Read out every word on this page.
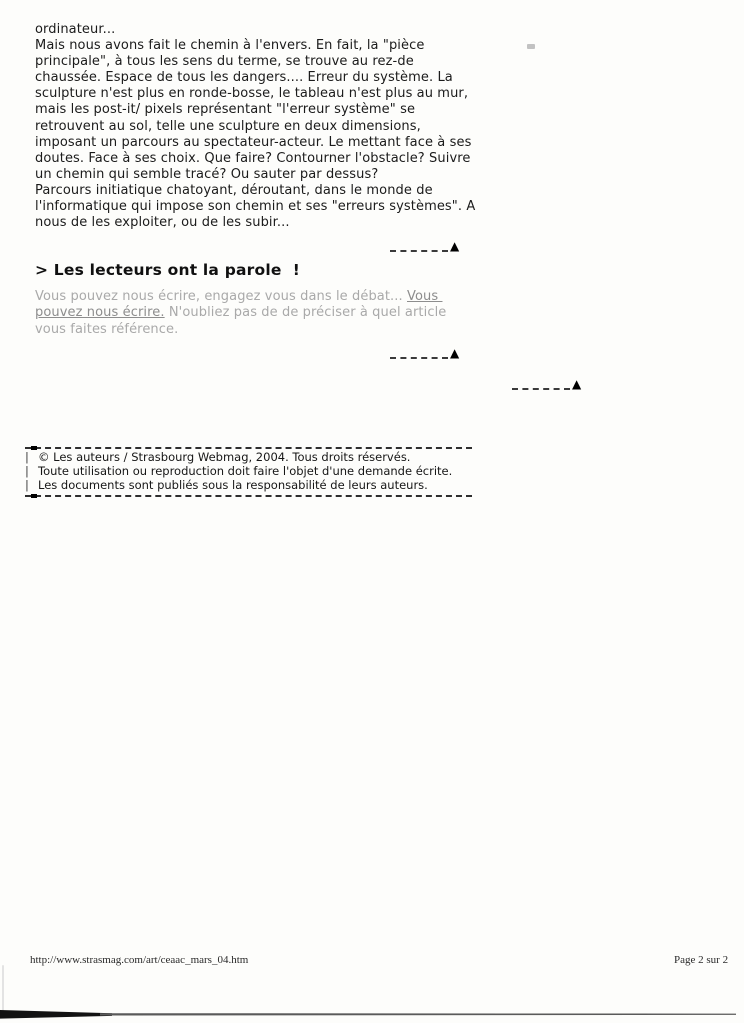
ordinateur...
Mais nous avons fait le chemin à l'envers. En fait, la "pièce
principale", à tous les sens du terme, se trouve au rez-de
chaussée. Espace de tous les dangers.... Erreur du système. La
sculpture n'est plus en ronde-bosse, le tableau n'est plus au mur,
mais les post-it/ pixels représentant "l'erreur système" se
retrouvent au sol, telle une sculpture en deux dimensions,
imposant un parcours au spectateur-acteur. Le mettant face à ses
doutes. Face à ses choix. Que faire? Contourner l'obstacle? Suivre
un chemin qui semble tracé? Ou sauter par dessus?
Parcours initiatique chatoyant, déroutant, dans le monde de
l'informatique qui impose son chemin et ses "erreurs systèmes". A
nous de les exploiter, ou de les subir...
▲
> Les lecteurs ont la parole  !
Vous pouvez nous écrire, engagez vous dans le débat... Vous
pouvez nous écrire. N'oubliez pas de de préciser à quel article
vous faites référence.
▲
▲
| © Les auteurs / Strasbourg Webmag, 2004. Tous droits réservés.
| Toute utilisation ou reproduction doit faire l'objet d'une demande écrite.
| Les documents sont publiés sous la responsabilité de leurs auteurs.
http://www.strasmag.com/art/ceaac_mars_04.htm	Page 2 sur 2
